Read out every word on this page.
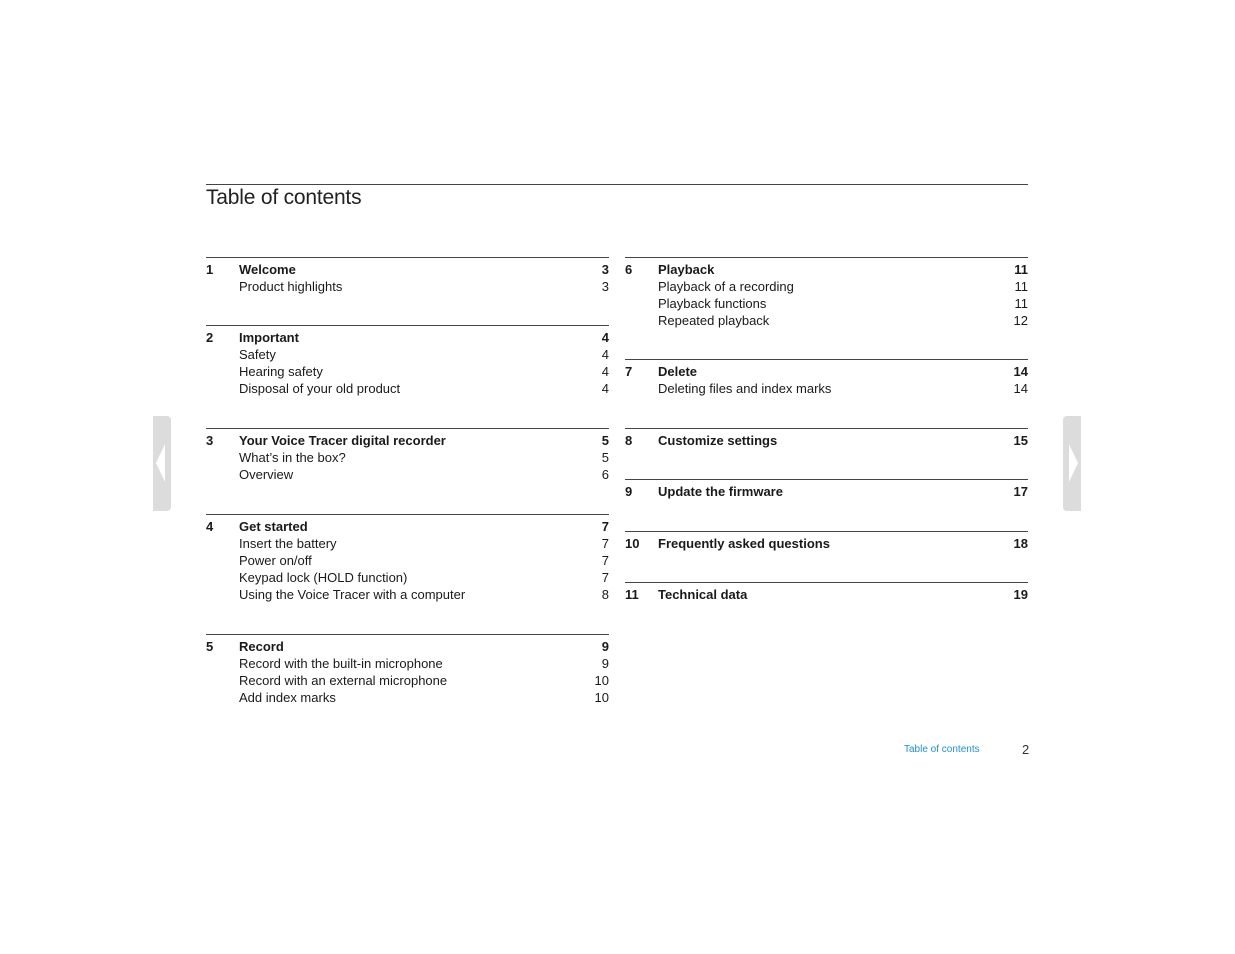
Table of contents
1 Welcome	3
Product highlights	3
2 Important	4
Safety	4
Hearing safety	4
Disposal of your old product	4
3 Your Voice Tracer digital recorder	5
What’s in the box?	5
Overview	6
4 Get started	7
Insert the battery	7
Power on/off	7
Keypad lock (HOLD function)	7
Using the Voice Tracer with a computer	8
5 Record	9
Record with the built-in microphone	9
Record with an external microphone	10
Add index marks	10
6 Playback	11
Playback of a recording	11
Playback functions	11
Repeated playback	12
7 Delete	14
Deleting files and index marks	14
8 Customize settings	15
9 Update the firmware	17
10 Frequently asked questions	18
11 Technical data	19
Table of contents	2
